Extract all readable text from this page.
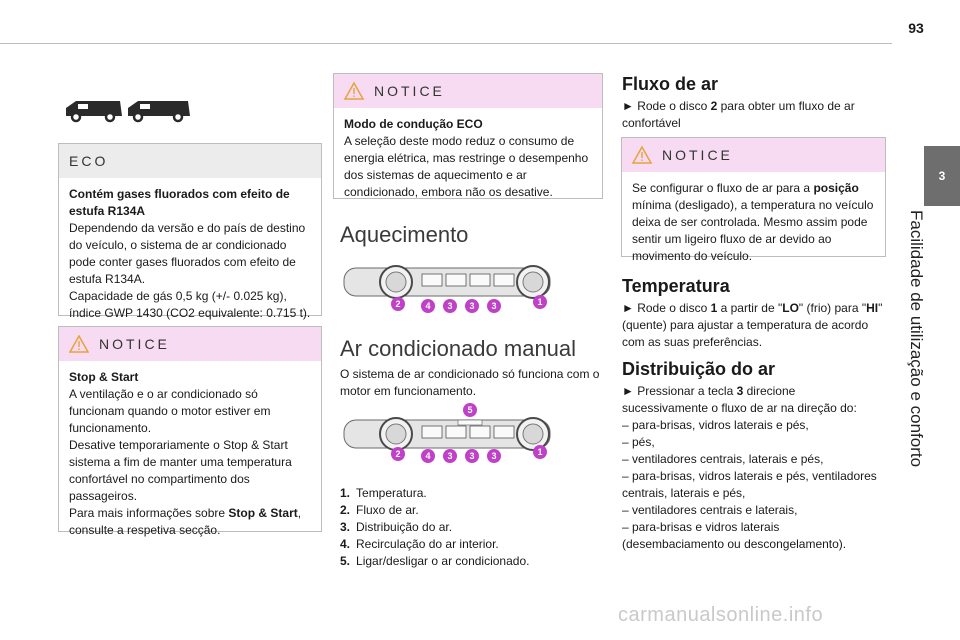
93
3
Facilidade de utilização e conforto
ECO
Contém gases fluorados com efeito de estufa R134A
Dependendo da versão e do país de destino do veículo, o sistema de ar condicionado pode conter gases fluorados com efeito de estufa R134A.
Capacidade de gás 0,5 kg (+/- 0.025 kg), índice GWP 1430 (CO2 equivalente: 0.715 t).
NOTICE
Stop & Start
A ventilação e o ar condicionado só funcionam quando o motor estiver em funcionamento.
Desative temporariamente o Stop & Start sistema a fim de manter uma temperatura confortável no compartimento dos passageiros.
Para mais informações sobre Stop & Start, consulte a respetiva secção.
NOTICE
Modo de condução ECO
A seleção deste modo reduz o consumo de energia elétrica, mas restringe o desempenho dos sistemas de aquecimento e ar condicionado, embora não os desative.
Aquecimento
2	4 3 3 3	1
Ar condicionado manual
O sistema de ar condicionado só funciona com o motor em funcionamento.
5
2	4 3 3 3	1
1. Temperatura.
2. Fluxo de ar.
3. Distribuição do ar.
4. Recirculação do ar interior.
5. Ligar/desligar o ar condicionado.
Fluxo de ar
► Rode o disco 2 para obter um fluxo de ar confortável
NOTICE
Se configurar o fluxo de ar para a posição mínima (desligado), a temperatura no veículo deixa de ser controlada. Mesmo assim pode sentir um ligeiro fluxo de ar devido ao movimento do veículo.
Temperatura
► Rode o disco 1 a partir de "LO" (frio) para "HI" (quente) para ajustar a temperatura de acordo com as suas preferências.
Distribuição do ar
► Pressionar a tecla 3 direcione sucessivamente o fluxo de ar na direção do:
– para-brisas, vidros laterais e pés,
– pés,
– ventiladores centrais, laterais e pés,
– para-brisas, vidros laterais e pés, ventiladores centrais, laterais e pés,
– ventiladores centrais e laterais,
– para-brisas e vidros laterais (desembaciamento ou descongelamento).
carmanualsonline.info
